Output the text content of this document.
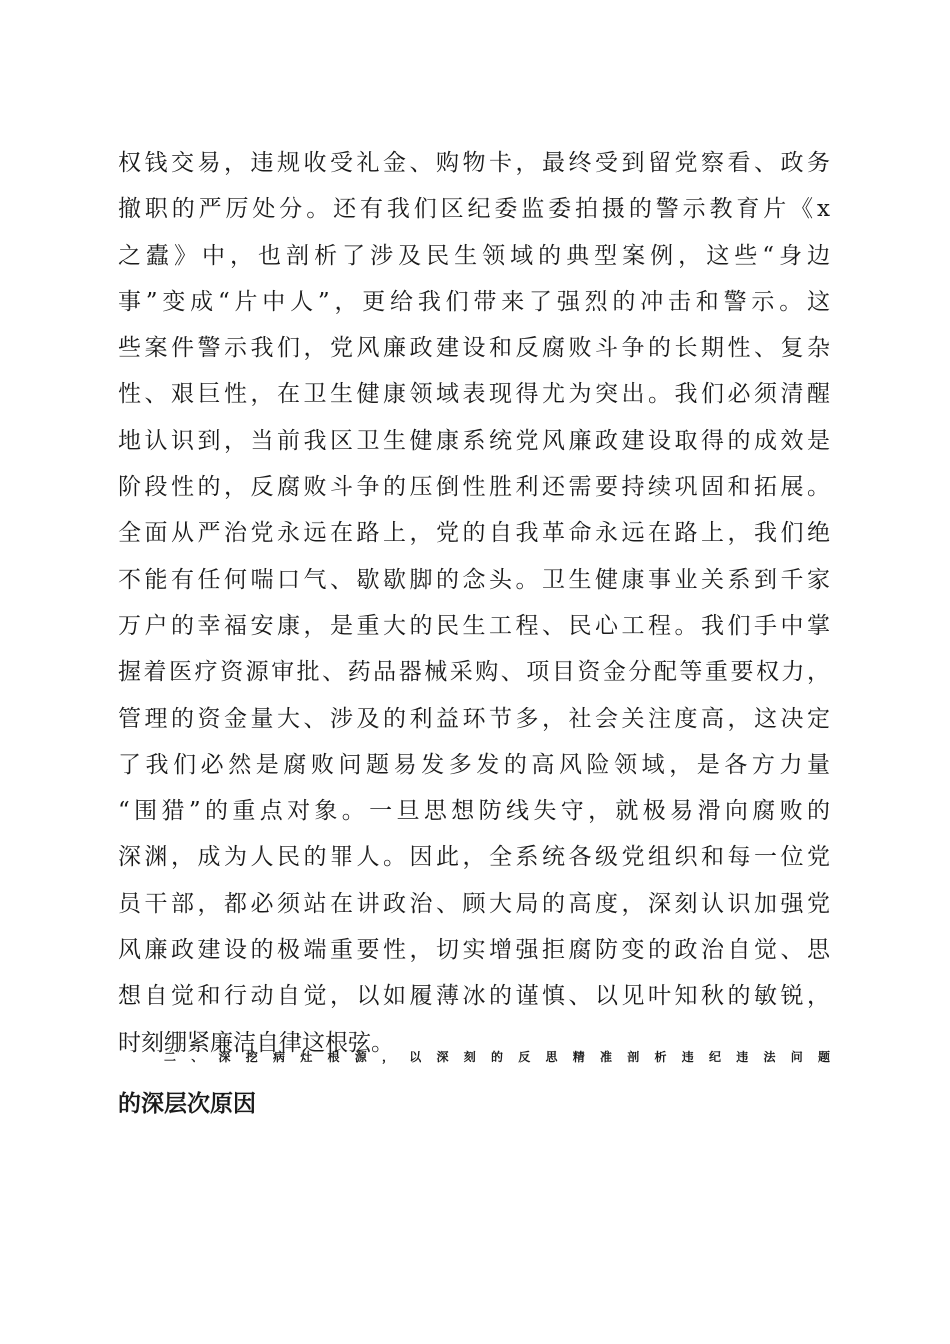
权钱交易，违规收受礼金、购物卡，最终受到留党察看、政务
撤职的严厉处分。还有我们区纪委监委拍摄的警示教育片《x
之蠹》中，也剖析了涉及民生领域的典型案例，这些“身边
事”变成“片中人”，更给我们带来了强烈的冲击和警示。这
些案件警示我们，党风廉政建设和反腐败斗争的长期性、复杂
性、艰巨性，在卫生健康领域表现得尤为突出。我们必须清醒
地认识到，当前我区卫生健康系统党风廉政建设取得的成效是
阶段性的，反腐败斗争的压倒性胜利还需要持续巩固和拓展。
全面从严治党永远在路上，党的自我革命永远在路上，我们绝
不能有任何喘口气、歇歇脚的念头。卫生健康事业关系到千家
万户的幸福安康，是重大的民生工程、民心工程。我们手中掌
握着医疗资源审批、药品器械采购、项目资金分配等重要权力，
管理的资金量大、涉及的利益环节多，社会关注度高，这决定
了我们必然是腐败问题易发多发的高风险领域，是各方力量
“围猎”的重点对象。一旦思想防线失守，就极易滑向腐败的
深渊，成为人民的罪人。因此，全系统各级党组织和每一位党
员干部，都必须站在讲政治、顾大局的高度，深刻认识加强党
风廉政建设的极端重要性，切实增强拒腐防变的政治自觉、思
想自觉和行动自觉，以如履薄冰的谨慎、以见叶知秋的敏锐，
时刻绷紧廉洁自律这根弦。
二、深挖病灶根源，以深刻的反思精准剖析违纪违法问题
的深层次原因
